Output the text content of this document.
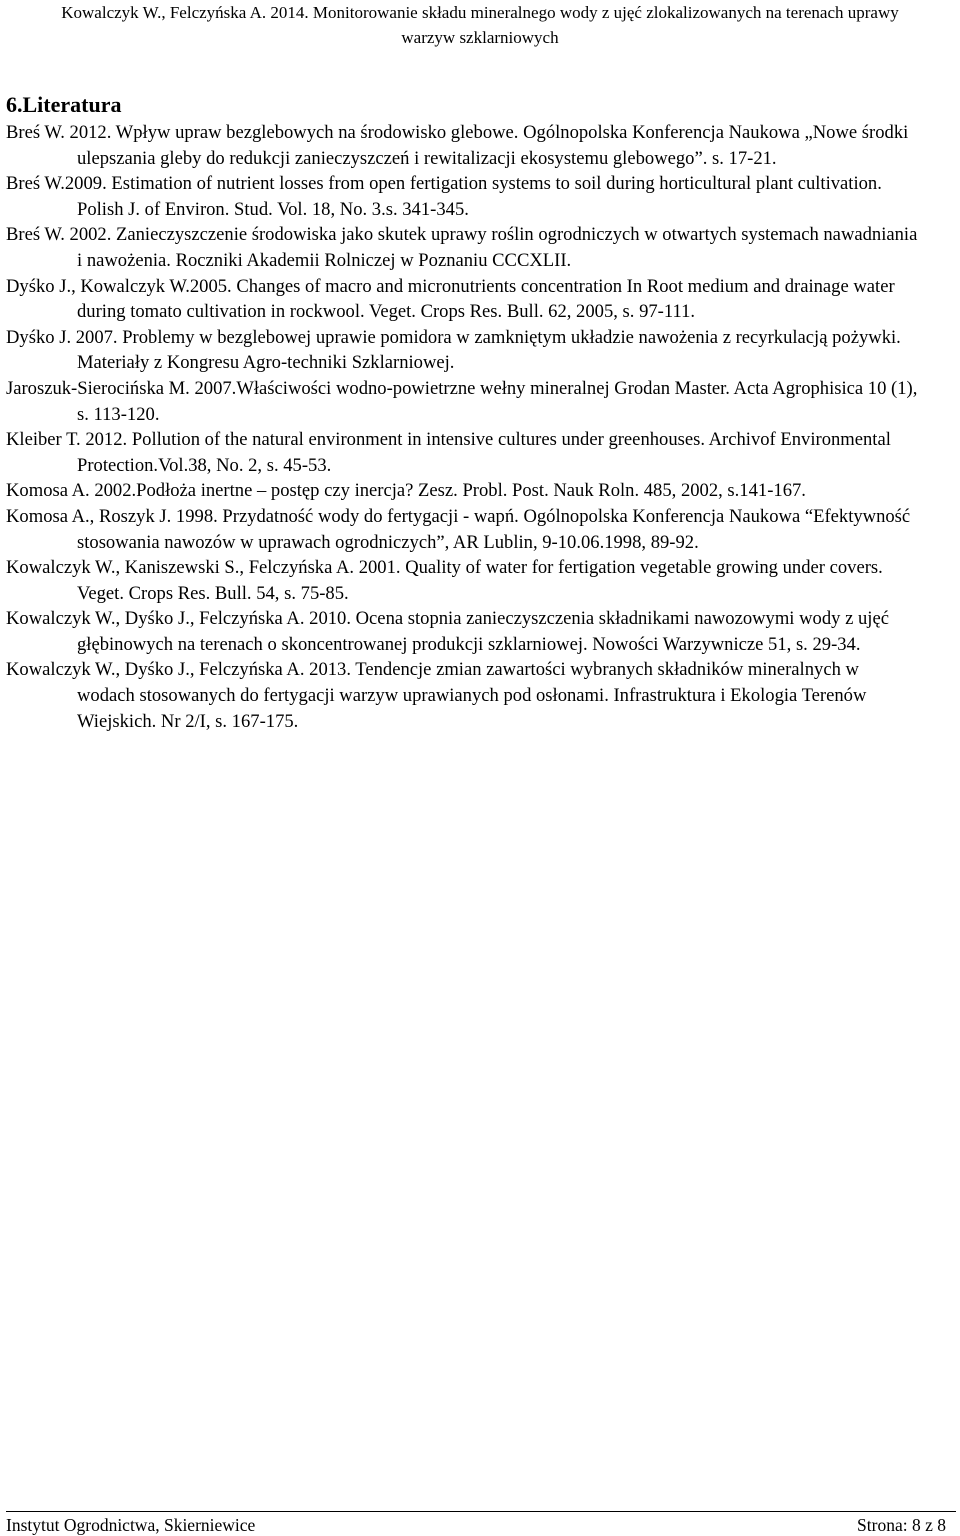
Kowalczyk W., Felczyńska A. 2014. Monitorowanie składu mineralnego wody z ujęć zlokalizowanych na terenach uprawy
warzyw szklarniowych
6.Literatura

Breś W. 2012. Wpływ upraw bezglebowych na środowisko glebowe. Ogólnopolska Konferencja Naukowa „Nowe środki ulepszania gleby do redukcji zanieczyszczeń i rewitalizacji ekosystemu glebowego”. s. 17-21.

Breś W.2009. Estimation of nutrient losses from open fertigation systems to soil during horticultural plant cultivation. Polish J. of Environ. Stud. Vol. 18, No. 3.s. 341-345.

Breś W. 2002. Zanieczyszczenie środowiska jako skutek uprawy roślin ogrodniczych w otwartych systemach nawadniania i nawożenia. Roczniki Akademii Rolniczej w Poznaniu CCCXLII.

Dyśko J., Kowalczyk W.2005. Changes of macro and micronutrients concentration In Root medium and drainage water during tomato cultivation in rockwool. Veget. Crops Res. Bull. 62, 2005, s. 97-111.

Dyśko J. 2007. Problemy w bezglebowej uprawie pomidora w zamkniętym układzie nawożenia z recyrkulacją pożywki. Materiały z Kongresu Agro-techniki Szklarniowej.

Jaroszuk-Sierocińska M. 2007.Właściwości wodno-powietrzne wełny mineralnej Grodan Master. Acta Agrophisica 10 (1), s. 113-120.

Kleiber T. 2012. Pollution of the natural environment in intensive cultures under greenhouses. Archivof Environmental Protection.Vol.38, No. 2, s. 45-53.

Komosa A. 2002.Podłoża inertne – postęp czy inercja? Zesz. Probl. Post. Nauk Roln. 485, 2002, s.141-167.

Komosa A., Roszyk J. 1998. Przydatność wody do fertygacji - wapń. Ogólnopolska Konferencja Naukowa “Efektywność stosowania nawozów w uprawach ogrodniczych”, AR Lublin, 9-10.06.1998, 89-92.

Kowalczyk W., Kaniszewski S., Felczyńska A. 2001. Quality of water for fertigation vegetable growing under covers. Veget. Crops Res. Bull. 54, s. 75-85.

Kowalczyk W., Dyśko J., Felczyńska A. 2010. Ocena stopnia zanieczyszczenia składnikami nawozowymi wody z ujęć głębinowych na terenach o skoncentrowanej produkcji szklarniowej. Nowości Warzywnicze 51, s. 29-34.

Kowalczyk W., Dyśko J., Felczyńska A. 2013. Tendencje zmian zawartości wybranych składników mineralnych w wodach stosowanych do fertygacji warzyw uprawianych pod osłonami. Infrastruktura i Ekologia Terenów Wiejskich. Nr 2/I, s. 167-175.

Instytut Ogrodnictwa, Skierniewice	Strona: 8 z 8
